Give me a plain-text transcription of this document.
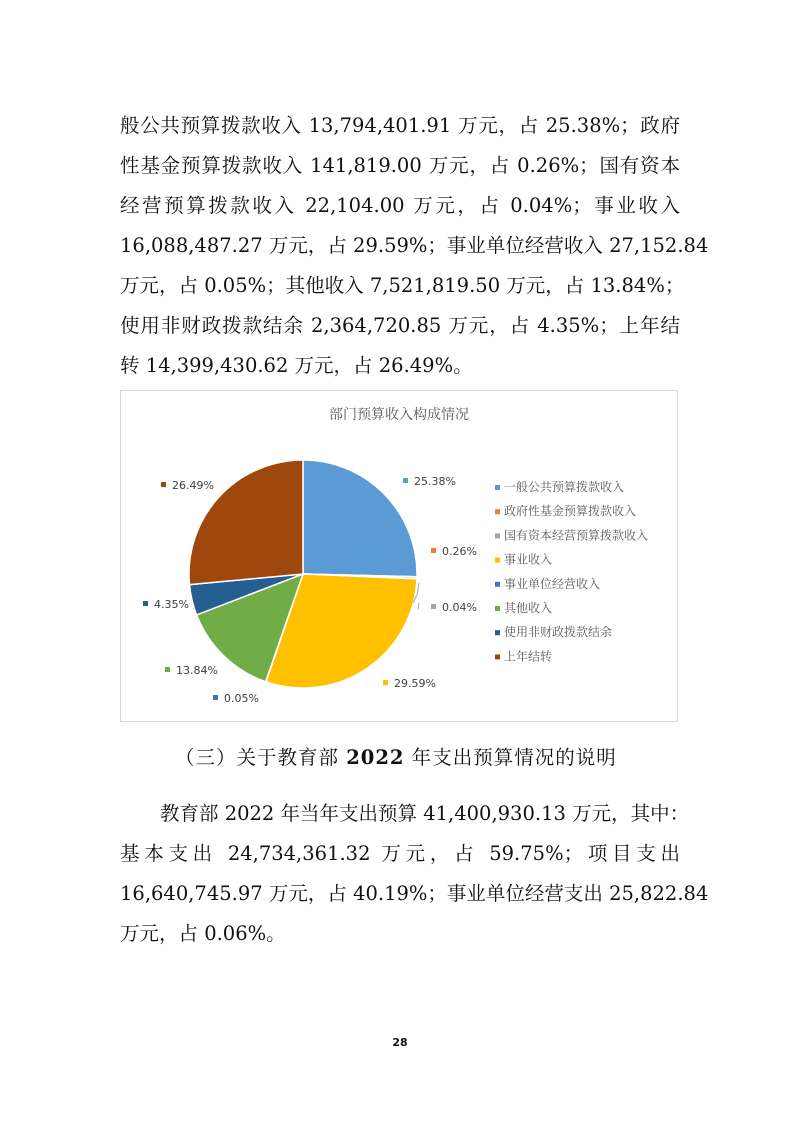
般公共预算拨款收入 13,794,401.91 万元，占 25.38%；政府
性基金预算拨款收入 141,819.00 万元，占 0.26%；国有资本
经营预算拨款收入 22,104.00 万元，占 0.04%；事业收入
16,088,487.27 万元，占 29.59%；事业单位经营收入 27,152.84
万元，占 0.05%；其他收入 7,521,819.50 万元，占 13.84%；
使用非财政拨款结余 2,364,720.85 万元，占 4.35%；上年结
转 14,399,430.62 万元，占 26.49%。
部门预算收入构成情况
25.38%
0.26%
0.04%
29.59%
0.05%
13.84%
4.35%
26.49%	一般公共预算拨款收入
政府性基金预算拨款收入
国有资本经营预算拨款收入
事业收入
事业单位经营收入
其他收入
使用非财政拨款结余
上年结转
（三）关于教育部 2022 年支出预算情况的说明
教育部 2022 年当年支出预算 41,400,930.13 万元，其中：
基本支出 24,734,361.32 万元，占 59.75%；项目支出
16,640,745.97 万元，占 40.19%；事业单位经营支出 25,822.84
万元，占 0.06%。
28
